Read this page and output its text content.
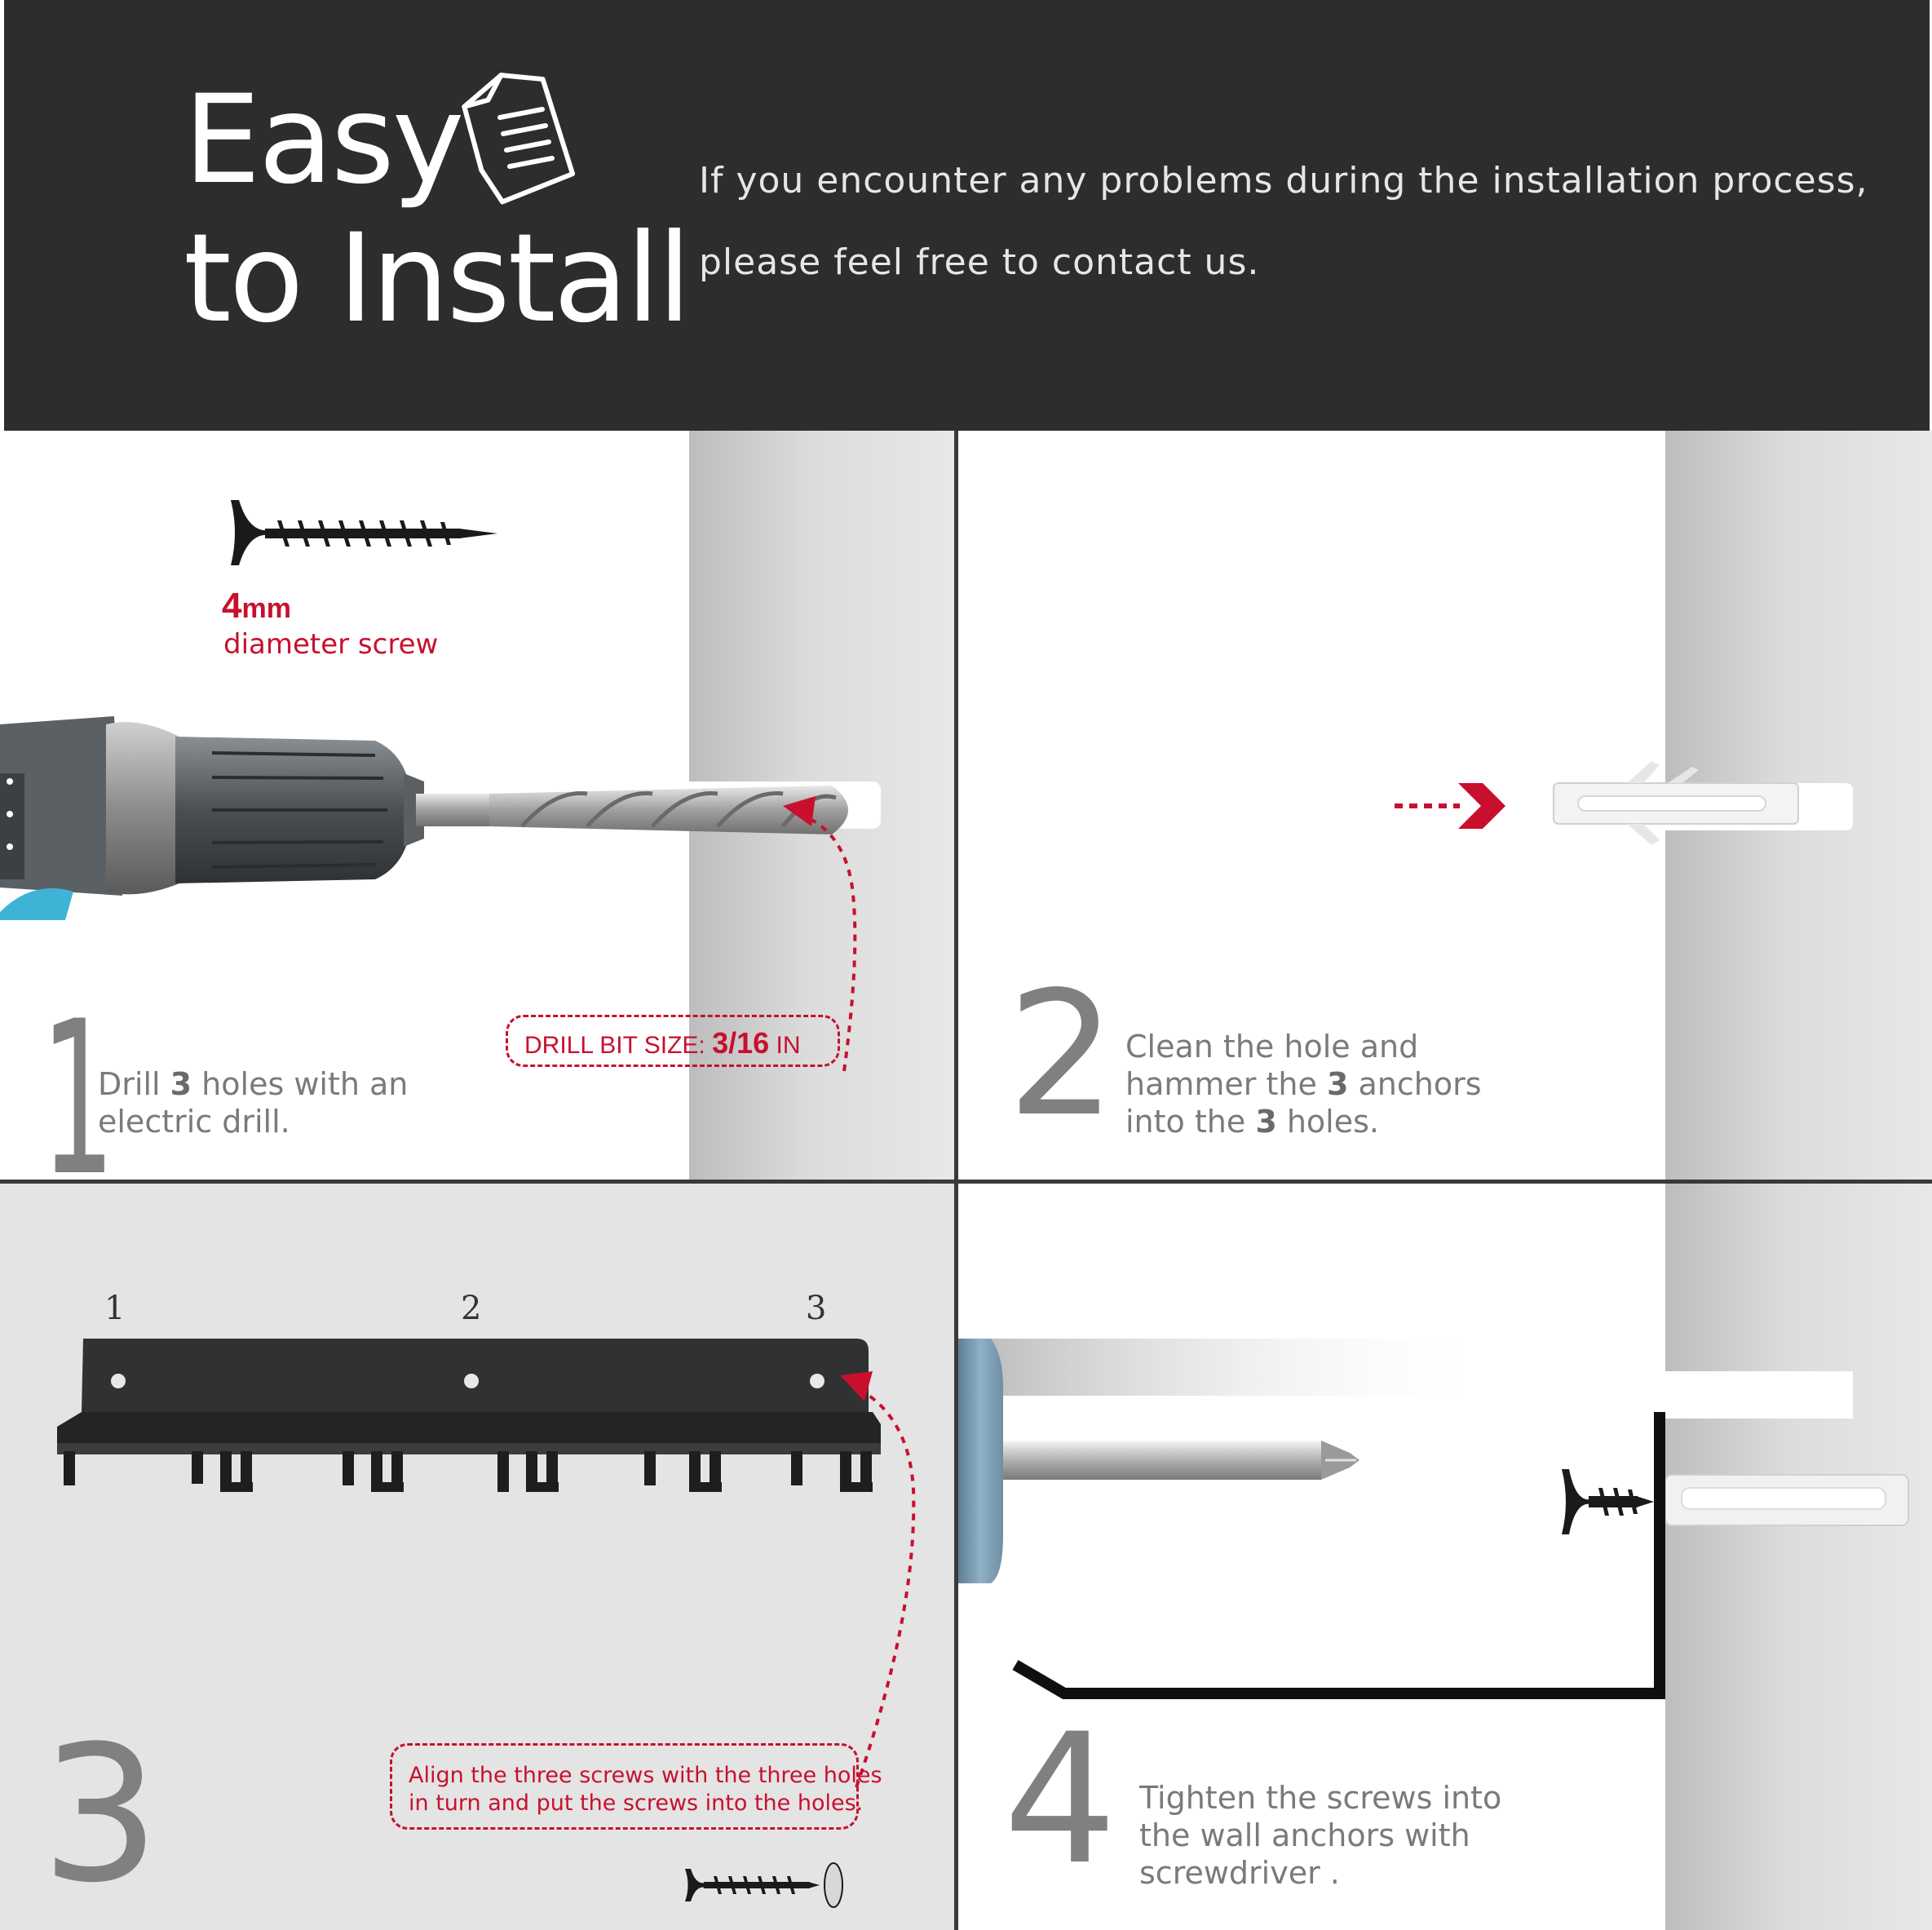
Easy
to Install
If you encounter any problems during the installation process,
please feel free to contact us.
4mm
diameter screw
DRILL BIT SIZE: 3/16 IN
1
Drill 3 holes with an
electric drill.	2 Clean the hole and
hammer the 3 anchors
into the 3 holes.
1	2	3
Align the three screws with the three holes
in turn and put the screws into the holes.
3	4 Tighten the screws into
the wall anchors with
screwdriver .
